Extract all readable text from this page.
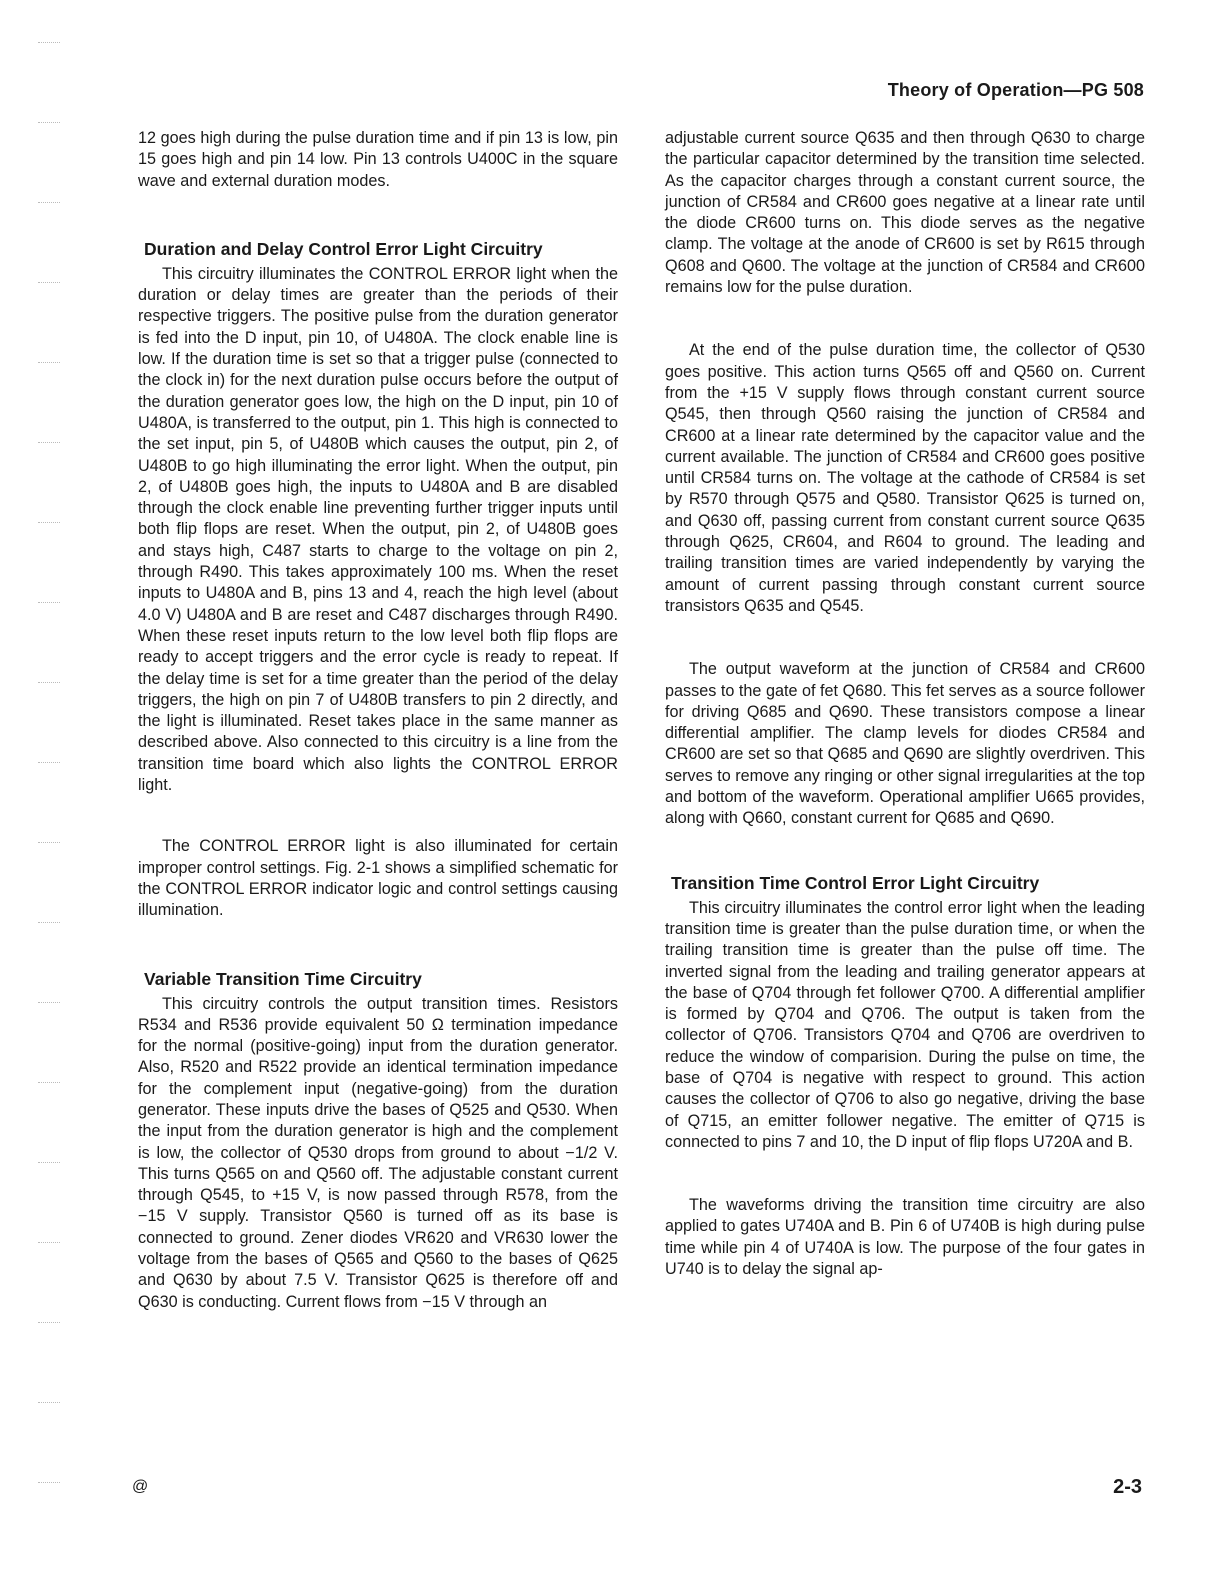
Theory of Operation—PG 508

12 goes high during the pulse duration time and if pin 13 is low, pin 15 goes high and pin 14 low. Pin 13 controls U400C in the square wave and external duration modes.

Duration and Delay Control Error Light Circuitry

This circuitry illuminates the CONTROL ERROR light when the duration or delay times are greater than the periods of their respective triggers. The positive pulse from the duration generator is fed into the D input, pin 10, of U480A. The clock enable line is low. If the duration time is set so that a trigger pulse (connected to the clock in) for the next duration pulse occurs before the output of the duration generator goes low, the high on the D input, pin 10 of U480A, is transferred to the output, pin 1. This high is connected to the set input, pin 5, of U480B which causes the output, pin 2, of U480B to go high illuminating the error light. When the output, pin 2, of U480B goes high, the inputs to U480A and B are disabled through the clock enable line preventing further trigger inputs until both flip flops are reset. When the output, pin 2, of U480B goes and stays high, C487 starts to charge to the voltage on pin 2, through R490. This takes approximately 100 ms. When the reset inputs to U480A and B, pins 13 and 4, reach the high level (about 4.0 V) U480A and B are reset and C487 discharges through R490. When these reset inputs return to the low level both flip flops are ready to accept triggers and the error cycle is ready to repeat. If the delay time is set for a time greater than the period of the delay triggers, the high on pin 7 of U480B transfers to pin 2 directly, and the light is illuminated. Reset takes place in the same manner as described above. Also connected to this circuitry is a line from the transition time board which also lights the CONTROL ERROR light.

The CONTROL ERROR light is also illuminated for certain improper control settings. Fig. 2-1 shows a simplified schematic for the CONTROL ERROR indicator logic and control settings causing illumination.

Variable Transition Time Circuitry

This circuitry controls the output transition times. Resistors R534 and R536 provide equivalent 50 Ω termination impedance for the normal (positive-going) input from the duration generator. Also, R520 and R522 provide an identical termination impedance for the complement input (negative-going) from the duration generator. These inputs drive the bases of Q525 and Q530. When the input from the duration generator is high and the complement is low, the collector of Q530 drops from ground to about −1/2 V. This turns Q565 on and Q560 off. The adjustable constant current through Q545, to +15 V, is now passed through R578, from the −15 V supply. Transistor Q560 is turned off as its base is connected to ground. Zener diodes VR620 and VR630 lower the voltage from the bases of Q565 and Q560 to the bases of Q625 and Q630 by about 7.5 V. Transistor Q625 is therefore off and Q630 is conducting. Current flows from −15 V through an

adjustable current source Q635 and then through Q630 to charge the particular capacitor determined by the transition time selected. As the capacitor charges through a constant current source, the junction of CR584 and CR600 goes negative at a linear rate until the diode CR600 turns on. This diode serves as the negative clamp. The voltage at the anode of CR600 is set by R615 through Q608 and Q600. The voltage at the junction of CR584 and CR600 remains low for the pulse duration.

At the end of the pulse duration time, the collector of Q530 goes positive. This action turns Q565 off and Q560 on. Current from the +15 V supply flows through constant current source Q545, then through Q560 raising the junction of CR584 and CR600 at a linear rate determined by the capacitor value and the current available. The junction of CR584 and CR600 goes positive until CR584 turns on. The voltage at the cathode of CR584 is set by R570 through Q575 and Q580. Transistor Q625 is turned on, and Q630 off, passing current from constant current source Q635 through Q625, CR604, and R604 to ground. The leading and trailing transition times are varied independently by varying the amount of current passing through constant current source transistors Q635 and Q545.

The output waveform at the junction of CR584 and CR600 passes to the gate of fet Q680. This fet serves as a source follower for driving Q685 and Q690. These transistors compose a linear differential amplifier. The clamp levels for diodes CR584 and CR600 are set so that Q685 and Q690 are slightly overdriven. This serves to remove any ringing or other signal irregularities at the top and bottom of the waveform. Operational amplifier U665 provides, along with Q660, constant current for Q685 and Q690.

Transition Time Control Error Light Circuitry

This circuitry illuminates the control error light when the leading transition time is greater than the pulse duration time, or when the trailing transition time is greater than the pulse off time. The inverted signal from the leading and trailing generator appears at the base of Q704 through fet follower Q700. A differential amplifier is formed by Q704 and Q706. The output is taken from the collector of Q706. Transistors Q704 and Q706 are overdriven to reduce the window of comparision. During the pulse on time, the base of Q704 is negative with respect to ground. This action causes the collector of Q706 to also go negative, driving the base of Q715, an emitter follower negative. The emitter of Q715 is connected to pins 7 and 10, the D input of flip flops U720A and B.

The waveforms driving the transition time circuitry are also applied to gates U740A and B. Pin 6 of U740B is high during pulse time while pin 4 of U740A is low. The purpose of the four gates in U740 is to delay the signal ap-

@	2-3
